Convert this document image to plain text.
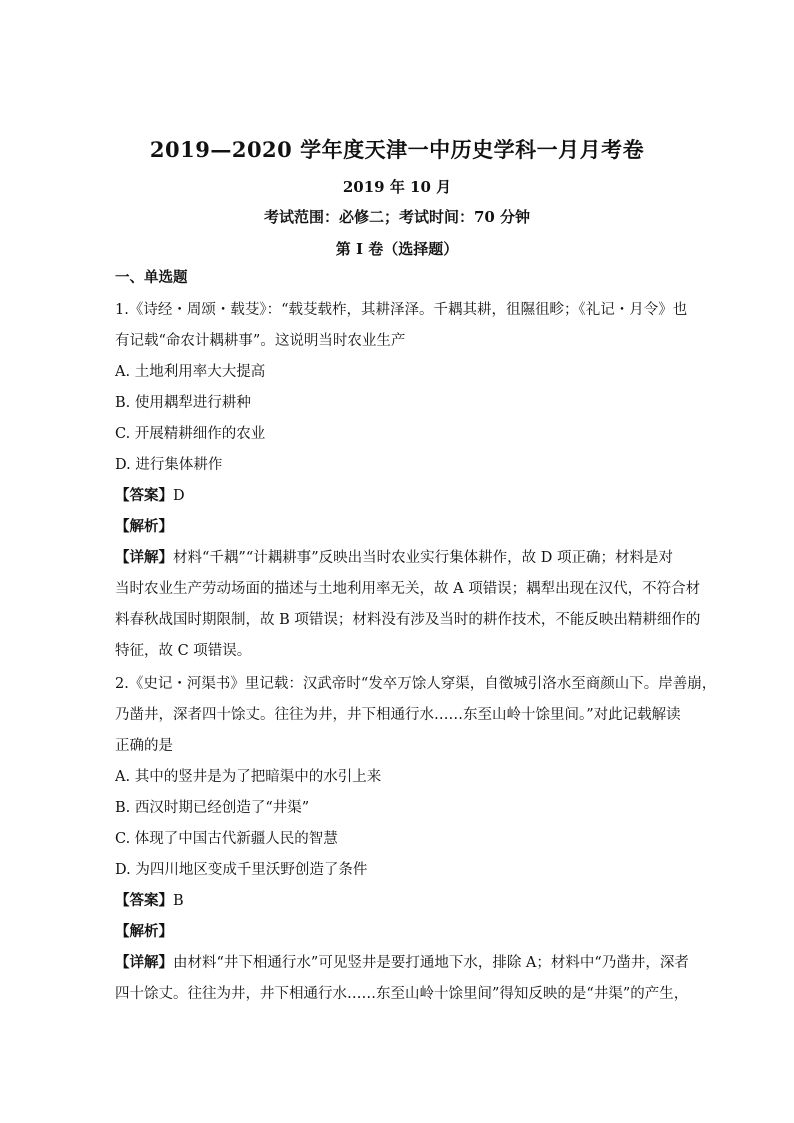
2019—2020 学年度天津一中历史学科一月月考卷
2019 年 10 月
考试范围：必修二；考试时间：70 分钟
第 I 卷（选择题）
一、单选题
1.《诗经・周颂・载芟》：“载芟载柞，其耕泽泽。千耦其耕，徂隰徂畛；《礼记・月令》也
有记载“命农计耦耕事”。这说明当时农业生产
A. 土地利用率大大提高
B. 使用耦犁进行耕种
C. 开展精耕细作的农业
D. 进行集体耕作
【答案】D
【解析】
【详解】材料“千耦”“计耦耕事”反映出当时农业实行集体耕作，故 D 项正确；材料是对
当时农业生产劳动场面的描述与土地利用率无关，故 A 项错误；耦犁出现在汉代，不符合材
料春秋战国时期限制，故 B 项错误；材料没有涉及当时的耕作技术，不能反映出精耕细作的
特征，故 C 项错误。
2.《史记・河渠书》里记载：汉武帝时“发卒万馀人穿渠，自徵城引洛水至商颜山下。岸善崩，
乃凿井，深者四十馀丈。往往为井，井下相通行水……东至山岭十馀里间。”对此记载解读
正确的是
A. 其中的竖井是为了把暗渠中的水引上来
B. 西汉时期已经创造了“井渠”
C. 体现了中国古代新疆人民的智慧
D. 为四川地区变成千里沃野创造了条件
【答案】B
【解析】
【详解】由材料“井下相通行水”可见竖井是要打通地下水，排除 A；材料中“乃凿井，深者
四十馀丈。往往为井，井下相通行水……东至山岭十馀里间”得知反映的是“井渠”的产生，
